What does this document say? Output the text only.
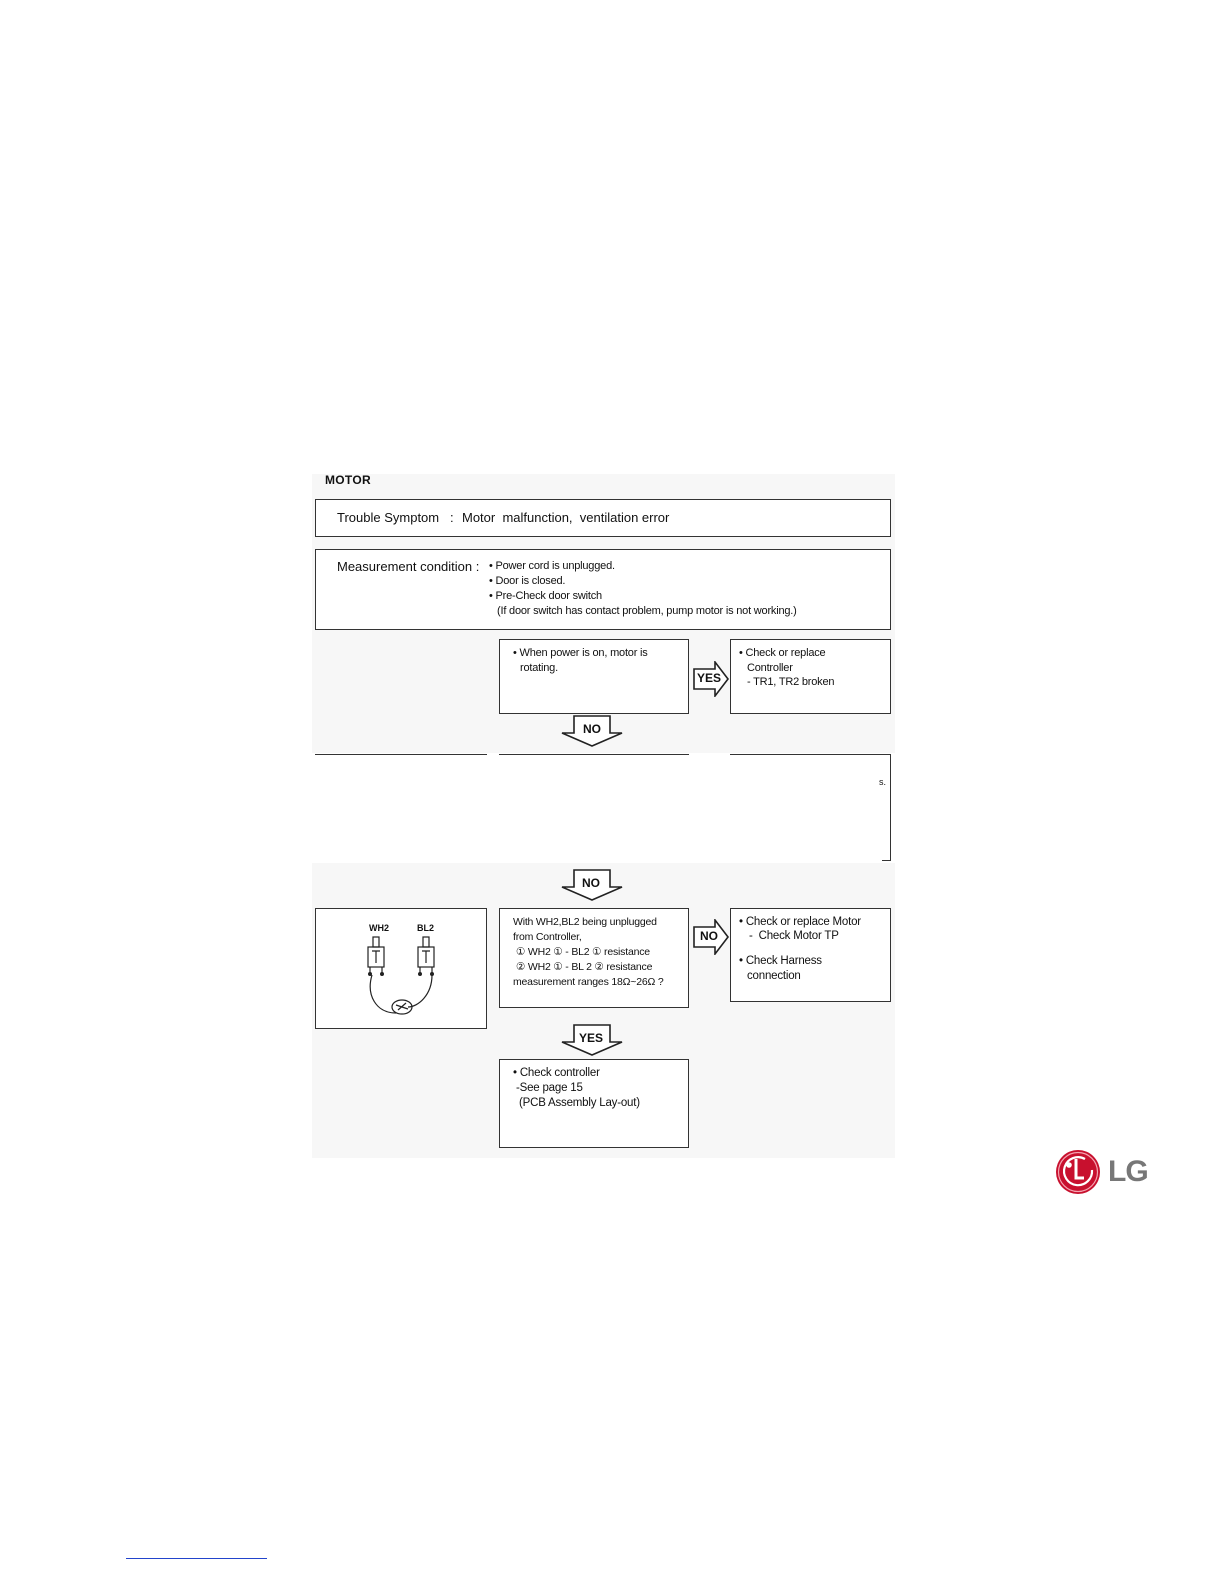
MOTOR
Trouble Symptom : Motor  malfunction,  ventilation error
Measurement condition : • Power cord is unplugged.
• Door is closed.
• Pre-Check door switch
(If door switch has contact problem, pump motor is not working.)
• When power is on, motor is
rotating.
YES
• Check or replace
Controller
- TR1, TR2 broken
NO
s.
NO
WH2	BL2	With WH2,BL2 being unplugged
from Controller,
① WH2 ① - BL2 ① resistance
② WH2 ① - BL 2 ② resistance
measurement ranges 18Ω~26Ω ?
NO
• Check or replace Motor
-  Check Motor TP
• Check Harness
connection
YES
• Check controller
-See page 15
(PCB Assembly Lay-out)
LG
